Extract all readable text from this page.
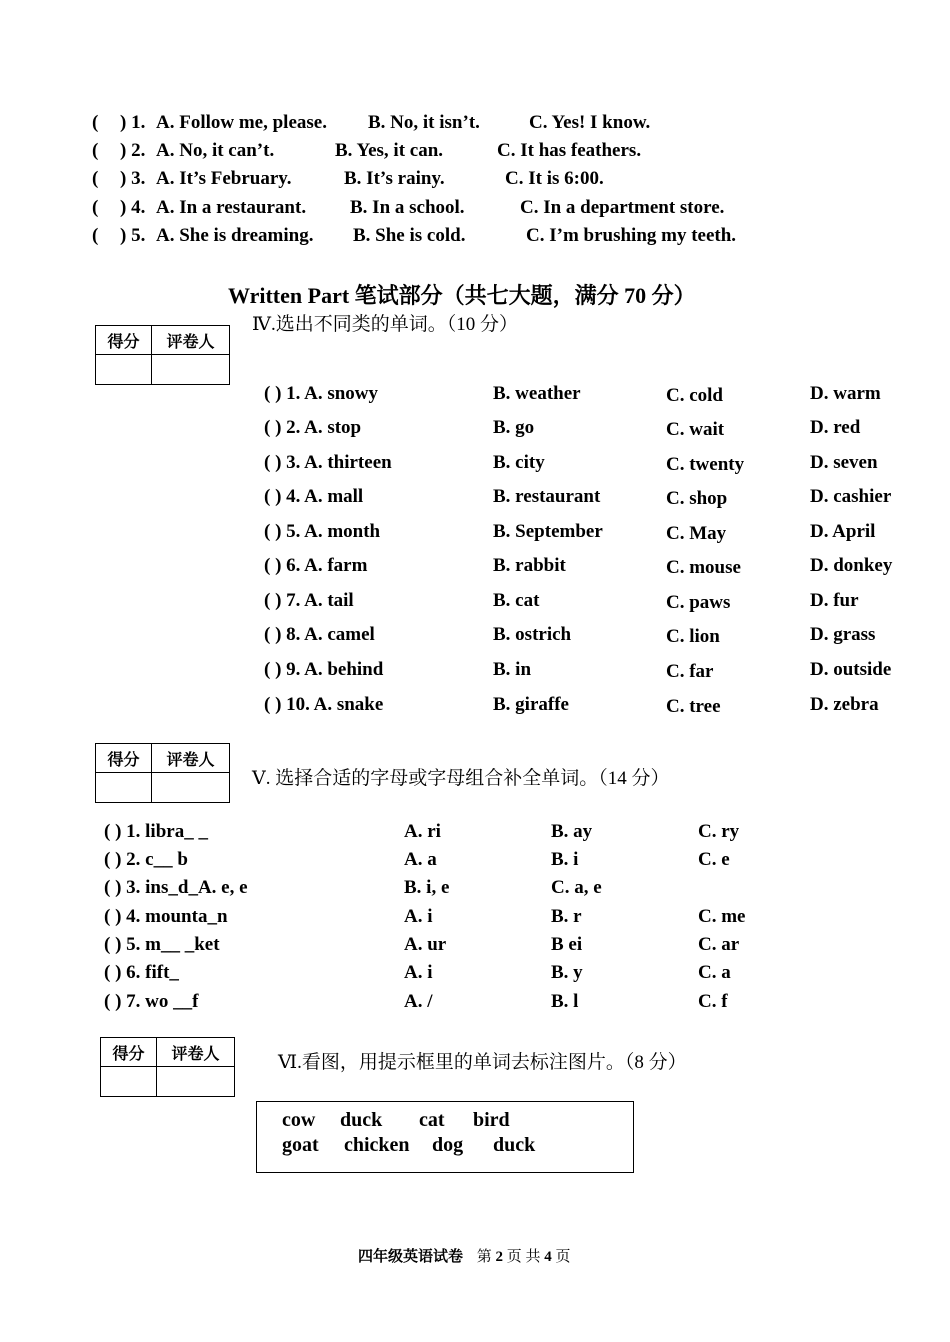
( ) 1. A. Follow me, please. B. No, it isn’t.	C. Yes! I know.
( ) 2. A. No, it can’t.	B. Yes, it can.	C. It has feathers.
( ) 3. A. It’s February.	B. It’s rainy.	C. It is 6:00.
( ) 4. A. In a restaurant. B. In a school.	C. In a department store.
( ) 5. A. She is dreaming. B. She is cold.	C. I’m brushing my teeth.
Written Part 笔试部分（共七大题，满分 70 分）
Ⅳ.选出不同类的单词。（10 分）
得分	评卷人

( ) 1. A. snowy	B. weather	C. cold	D. warm
( ) 2. A. stop	B. go	C. wait	D. red
( ) 3. A. thirteen	B. city	C. twenty	D. seven
( ) 4. A. mall	B. restaurant	C. shop	D. cashier
( ) 5. A. month	B. September	C. May	D. April
( ) 6. A. farm	B. rabbit	C. mouse	D. donkey
( ) 7. A. tail	B. cat	C. paws	D. fur
( ) 8. A. camel	B. ostrich	C. lion	D. grass
( ) 9. A. behind	B. in	C. far	D. outside
( ) 10. A. snake	B. giraffe	C. tree	D. zebra
得分	评卷人

Ⅴ. 选择合适的字母或字母组合补全单词。（14 分）
( ) 1. libra_ _	A. ri	B. ay	C. ry
( ) 2. c__ b	A. a	B. i	C. e
( ) 3. ins_d_A. e, e	B. i, e	C. a, e
( ) 4. mounta_n	A. i	B. r	C. me
( ) 5. m__ _ket	A. ur	B ei	C. ar
( ) 6. fift_	A. i	B. y	C. a
( ) 7. wo __f	A. /	B. l	C. f
得分	评卷人
		Ⅵ.看图，用提示框里的单词去标注图片。（8 分）
cow duck cat bird
goat chicken dog duck
四年级英语试卷 第 2 页 共 4 页
